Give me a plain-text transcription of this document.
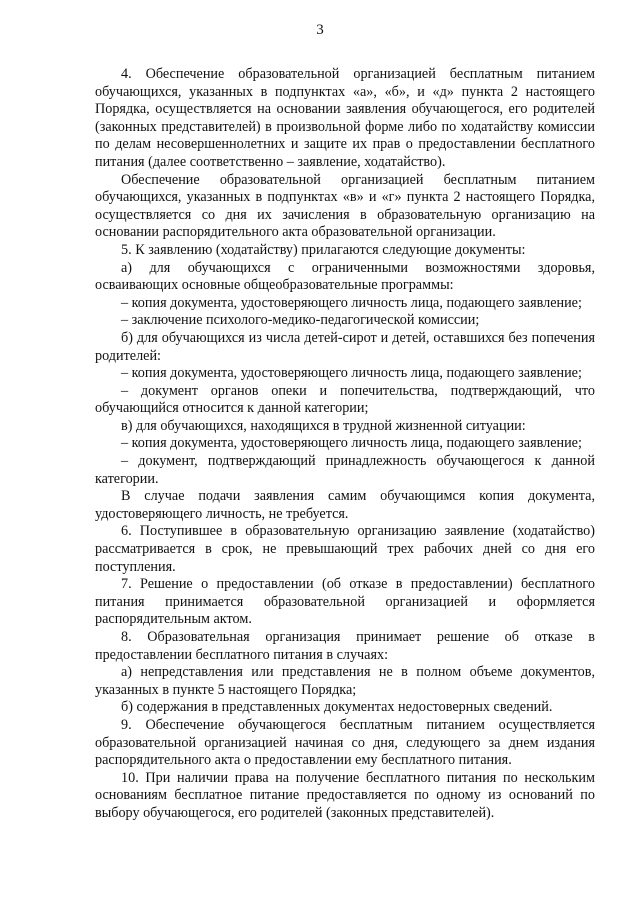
3

4. Обеспечение образовательной организацией бесплатным питанием обучающихся, указанных в подпунктах «а», «б», и «д» пункта 2 настоящего Порядка, осуществляется на основании заявления обучающегося, его родителей (законных представителей) в произвольной форме либо по ходатайству комиссии по делам несовершеннолетних и защите их прав о предоставлении бесплатного питания (далее соответственно – заявление, ходатайство).

Обеспечение образовательной организацией бесплатным питанием обучающихся, указанных в подпунктах «в» и «г» пункта 2 настоящего Порядка, осуществляется со дня их зачисления в образовательную организацию на основании распорядительного акта образовательной организации.

5. К заявлению (ходатайству) прилагаются следующие документы:

а) для обучающихся с ограниченными возможностями здоровья, осваивающих основные общеобразовательные программы:

– копия документа, удостоверяющего личность лица, подающего заявление;

– заключение психолого-медико-педагогической комиссии;

б) для обучающихся из числа детей-сирот и детей, оставшихся без попечения родителей:

– копия документа, удостоверяющего личность лица, подающего заявление;

– документ органов опеки и попечительства, подтверждающий, что обучающийся относится к данной категории;

в) для обучающихся, находящихся в трудной жизненной ситуации:

– копия документа, удостоверяющего личность лица, подающего заявление;

– документ, подтверждающий принадлежность обучающегося к данной категории.

В случае подачи заявления самим обучающимся копия документа, удостоверяющего личность, не требуется.

6. Поступившее в образовательную организацию заявление (ходатайство) рассматривается в срок, не превышающий трех рабочих дней со дня его поступления.

7. Решение о предоставлении (об отказе в предоставлении) бесплатного питания принимается образовательной организацией и оформляется распорядительным актом.

8. Образовательная организация принимает решение об отказе в предоставлении бесплатного питания в случаях:

а) непредставления или представления не в полном объеме документов, указанных в пункте 5 настоящего Порядка;

б) содержания в представленных документах недостоверных сведений.

9. Обеспечение обучающегося бесплатным питанием осуществляется образовательной организацией начиная со дня, следующего за днем издания распорядительного акта о предоставлении ему бесплатного питания.

10. При наличии права на получение бесплатного питания по нескольким основаниям бесплатное питание предоставляется по одному из оснований по выбору обучающегося, его родителей (законных представителей).
